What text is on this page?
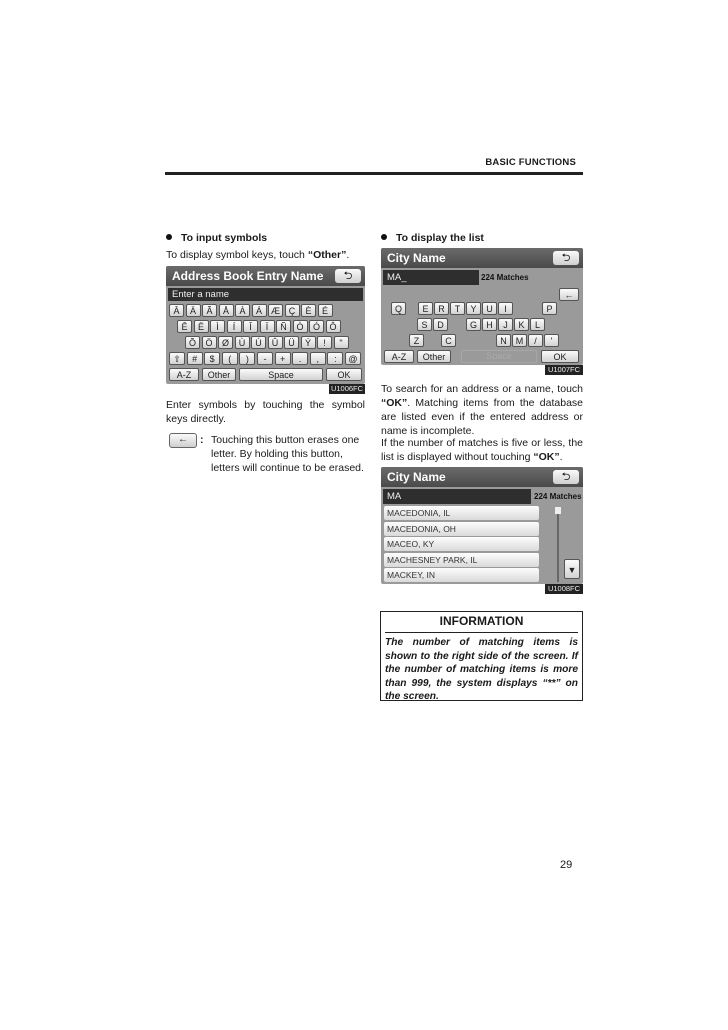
BASIC FUNCTIONS
To input symbols
To display symbol keys, touch “Other”.
Address Book Entry Name	⮌
Enter a name
Â	Ä	Ã	Å	À	Á	Æ Ç	È	É
Ê	Ë	Ì	Í	Î	Ï	Ñ	Ò	Ó	Ô
Õ	Ö	Ø	Ù	Ú	Û	Ü	Ý	!	"
⇧	#	$	(	)	-	+	.	,	:	@
A-Z	Other	Space	OK
U1006FC
Enter symbols by touching the symbol keys directly.
←	: Touching this button erases one letter. By holding this button, letters will continue to be erased.
To display the list
City Name	⮌
MA_	224 Matches
Q	E	R	T	Y	U	I	P
S	D	G	H	J	K	L
Z	C	N	M	/	'
←
A-Z	Other	Space	OK
U1007FC
To search for an address or a name, touch “OK”. Matching items from the database are listed even if the entered address or name is incomplete.
If the number of matches is five or less, the list is displayed without touching “OK”.
City Name	⮌
MA	224 Matches
MACEDONIA, IL
MACEDONIA, OH
MACEO, KY
MACHESNEY PARK, IL
MACKEY, IN	▼
U1008FC
INFORMATION
The number of matching items is shown to the right side of the screen. If the number of matching items is more than 999, the system displays “**” on the screen.
29
